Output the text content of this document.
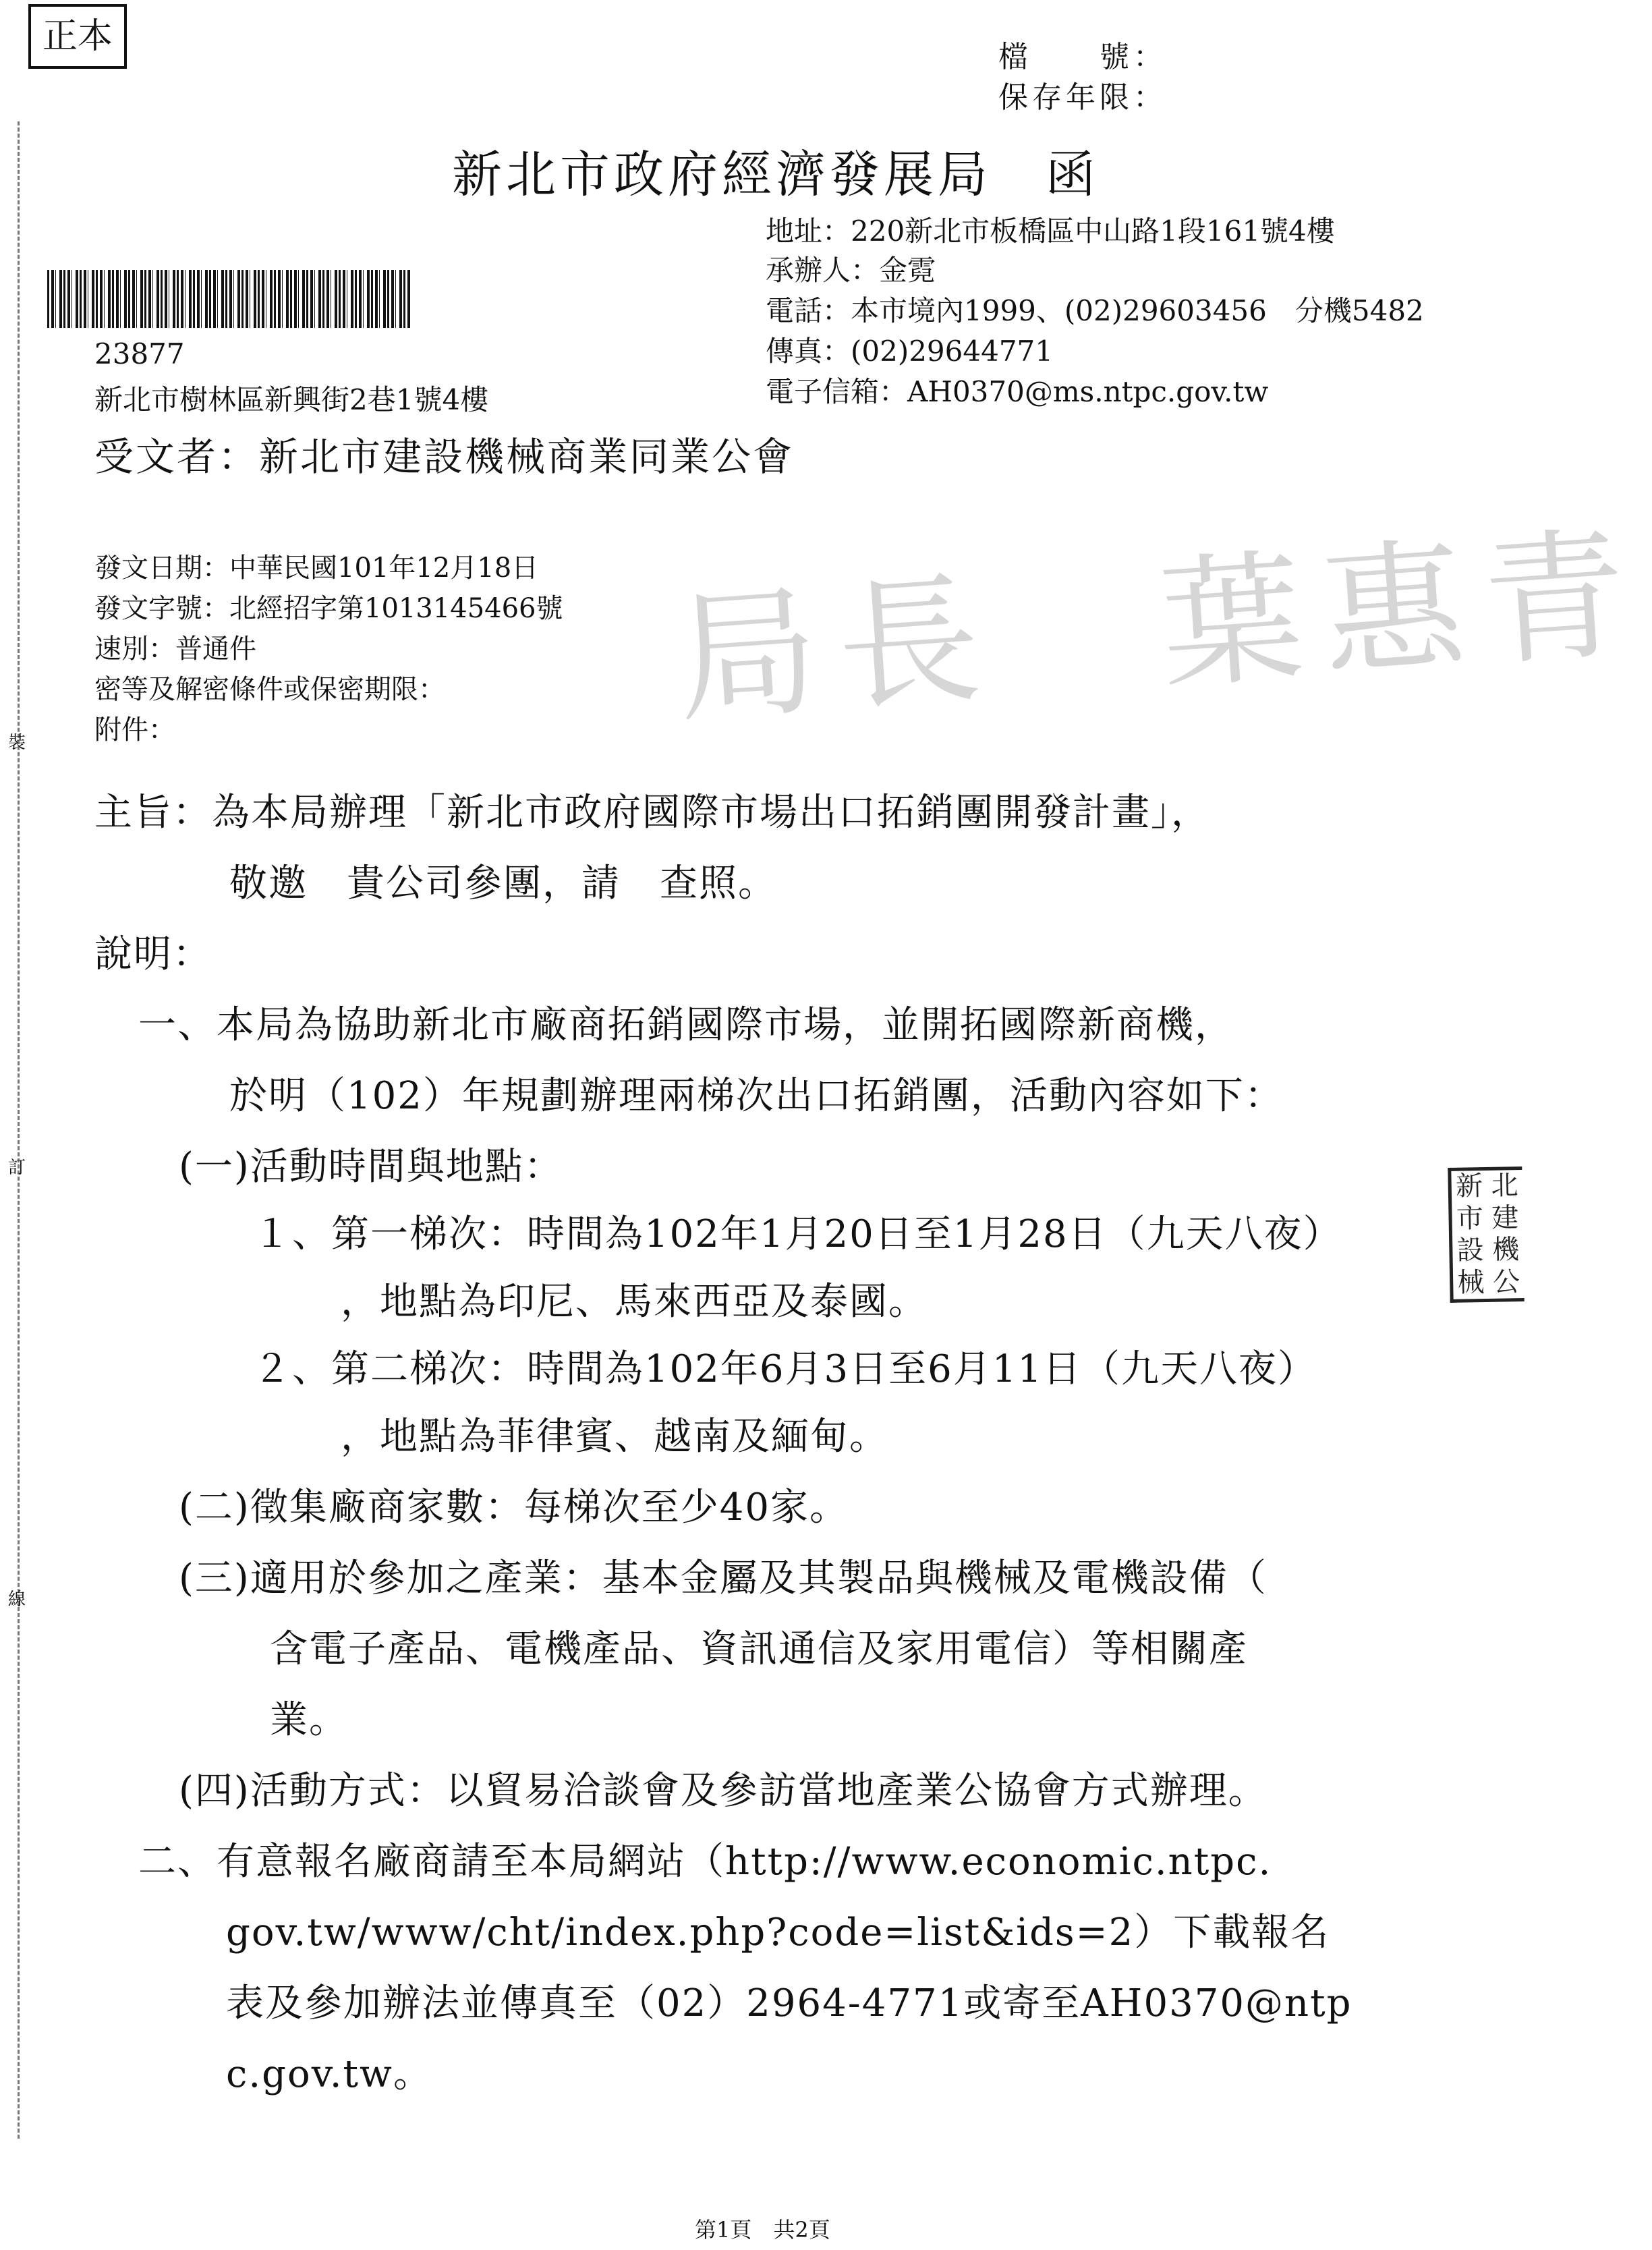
裝
訂
線
正本
檔　　號：
保存年限：
新北市政府經濟發展局　函
地址：220新北市板橋區中山路1段161號4樓
承辦人：金霓
電話：本市境內1999、(02)29603456　分機5482
傳真：(02)29644771
電子信箱：AH0370@ms.ntpc.gov.tw
23877
新北市樹林區新興街2巷1號4樓
受文者：新北市建設機械商業同業公會
局長　葉惠青
發文日期：中華民國101年12月18日
發文字號：北經招字第1013145466號
速別：普通件
密等及解密條件或保密期限：
附件：
主旨：為本局辦理「新北市政府國際市場出口拓銷團開發計畫」，
敬邀　貴公司參團，請　查照。
說明：
一、本局為協助新北市廠商拓銷國際市場，並開拓國際新商機，
於明（102）年規劃辦理兩梯次出口拓銷團，活動內容如下：
(一)活動時間與地點：
１、第一梯次：時間為102年1月20日至1月28日（九天八夜）
，地點為印尼、馬來西亞及泰國。
２、第二梯次：時間為102年6月3日至6月11日（九天八夜）
，地點為菲律賓、越南及緬甸。
(二)徵集廠商家數：每梯次至少40家。
(三)適用於參加之產業：基本金屬及其製品與機械及電機設備（
含電子產品、電機產品、資訊通信及家用電信）等相關產
業。
(四)活動方式：以貿易洽談會及參訪當地產業公協會方式辦理。
二、有意報名廠商請至本局網站（http://www.economic.ntpc.
gov.tw/www/cht/index.php?code=list&ids=2）下載報名
表及參加辦法並傳真至（02）2964-4771或寄至AH0370@ntp
c.gov.tw。
新 北
市 建
設 機
械 公
第1頁　共2頁
